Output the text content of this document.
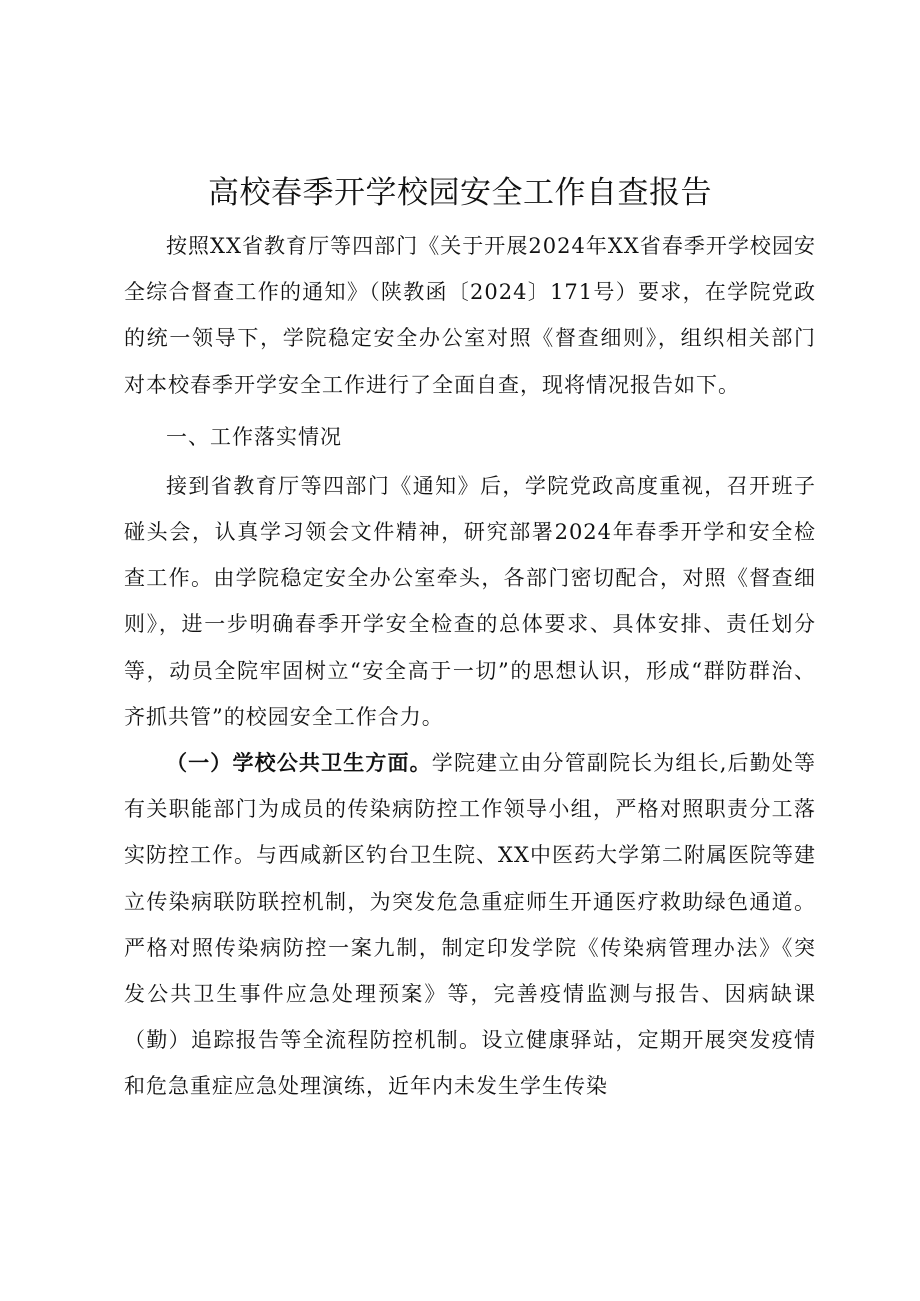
高校春季开学校园安全工作自查报告

按照XX省教育厅等四部门《关于开展2024年XX省春季开学校园安全综合督查工作的通知》（陕教函〔2024〕171号）要求，在学院党政的统一领导下，学院稳定安全办公室对照《督查细则》，组织相关部门对本校春季开学安全工作进行了全面自查，现将情况报告如下。

一、工作落实情况

接到省教育厅等四部门《通知》后，学院党政高度重视，召开班子碰头会，认真学习领会文件精神，研究部署2024年春季开学和安全检查工作。由学院稳定安全办公室牵头，各部门密切配合，对照《督查细则》，进一步明确春季开学安全检查的总体要求、具体安排、责任划分等，动员全院牢固树立“安全高于一切”的思想认识，形成“群防群治、齐抓共管”的校园安全工作合力。

（一）学校公共卫生方面。学院建立由分管副院长为组长,后勤处等有关职能部门为成员的传染病防控工作领导小组，严格对照职责分工落实防控工作。与西咸新区钓台卫生院、XX中医药大学第二附属医院等建立传染病联防联控机制，为突发危急重症师生开通医疗救助绿色通道。严格对照传染病防控一案九制，制定印发学院《传染病管理办法》《突发公共卫生事件应急处理预案》等，完善疫情监测与报告、因病缺课（勤）追踪报告等全流程防控机制。设立健康驿站，定期开展突发疫情和危急重症应急处理演练，近年内未发生学生传染
